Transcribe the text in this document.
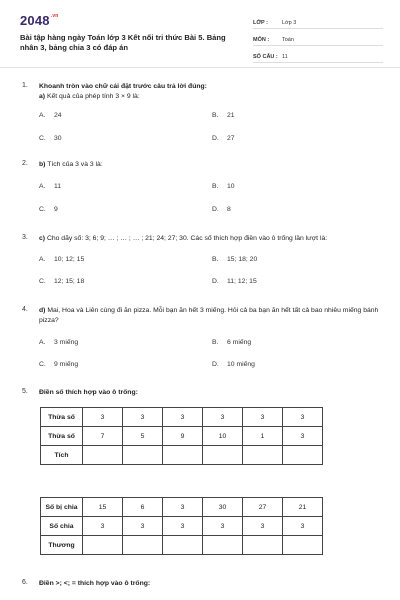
$2048^{.vn}$
Bài tập hàng ngày Toán lớp 3 Kết nối tri thức Bài 5. Bảng nhân 3, bảng chia 3 có đáp án
LỚP :	Lớp 3
MÔN :	Toán
SỐ CÂU : 11
1. Khoanh tròn vào chữ cái đặt trước câu trả lời đúng:
a) Kết quả của phép tính 3 × 9 là:
A. 24	B. 21
C. 30	D. 27
2. b) Tích của 3 và 3 là:
A. 11	B. 10
C. 9	D. 8
3. c) Cho dãy số: 3; 6; 9; … ; … ; … ; 21; 24; 27; 30. Các số thích hợp điền vào ô trống lần lượt là:
A. 10; 12; 15	B. 15; 18; 20
C. 12; 15; 18	D. 11; 12; 15
4. d) Mai, Hoa và Liên cùng đi ăn pizza. Mỗi bạn ăn hết 3 miếng. Hỏi cả ba bạn ăn hết tất cả bao nhiêu miếng bánh pizza?
A. 3 miếng	B. 6 miếng
C. 9 miếng	D. 10 miếng
5. Điền số thích hợp vào ô trống:
Thừa số	3	3	3	3	3	3
Thừa số	7	5	9	10	1	3
Tích						
Số bị chia	15	6	3	30	27	21
Số chia	3	3	3	3	3	3
Thương						
6. Điền >; <; = thích hợp vào ô trống:
